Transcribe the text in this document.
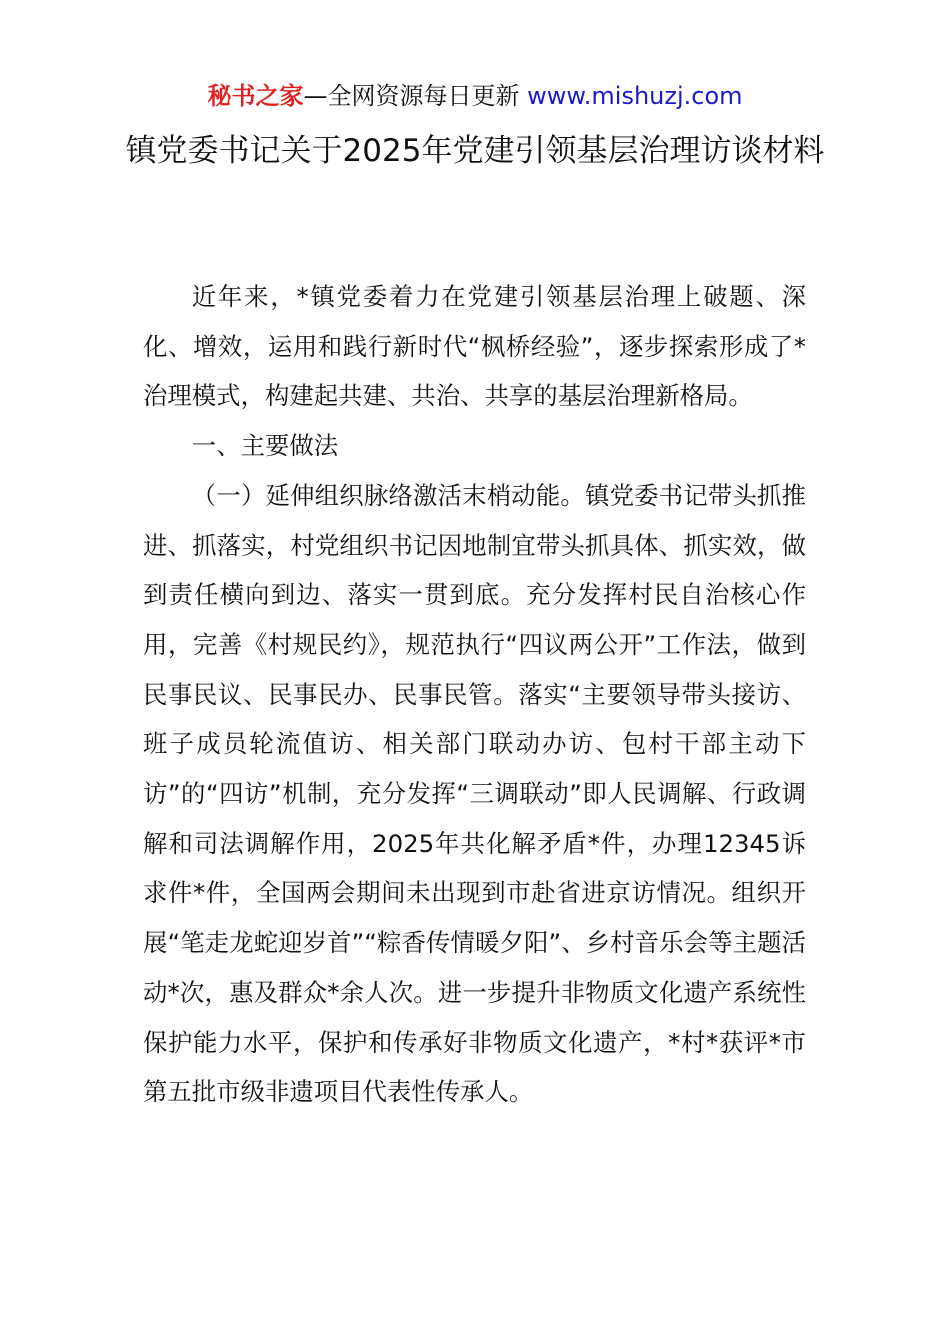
秘书之家—全网资源每日更新 www.mishuzj.com
镇党委书记关于2025年党建引领基层治理访谈材料

近年来，*镇党委着力在党建引领基层治理上破题、深化、增效，运用和践行新时代“枫桥经验”，逐步探索形成了*治理模式，构建起共建、共治、共享的基层治理新格局。

一、主要做法

（一）延伸组织脉络激活末梢动能。镇党委书记带头抓推进、抓落实，村党组织书记因地制宜带头抓具体、抓实效，做到责任横向到边、落实一贯到底。充分发挥村民自治核心作用，完善《村规民约》，规范执行“四议两公开”工作法，做到民事民议、民事民办、民事民管。落实“主要领导带头接访、班子成员轮流值访、相关部门联动办访、包村干部主动下访”的“四访”机制，充分发挥“三调联动”即人民调解、行政调解和司法调解作用，2025年共化解矛盾*件，办理12345诉求件*件，全国两会期间未出现到市赴省进京访情况。组织开展“笔走龙蛇迎岁首”“粽香传情暖夕阳”、乡村音乐会等主题活动*次，惠及群众*余人次。进一步提升非物质文化遗产系统性保护能力水平，保护和传承好非物质文化遗产，*村*获评*市第五批市级非遗项目代表性传承人。
